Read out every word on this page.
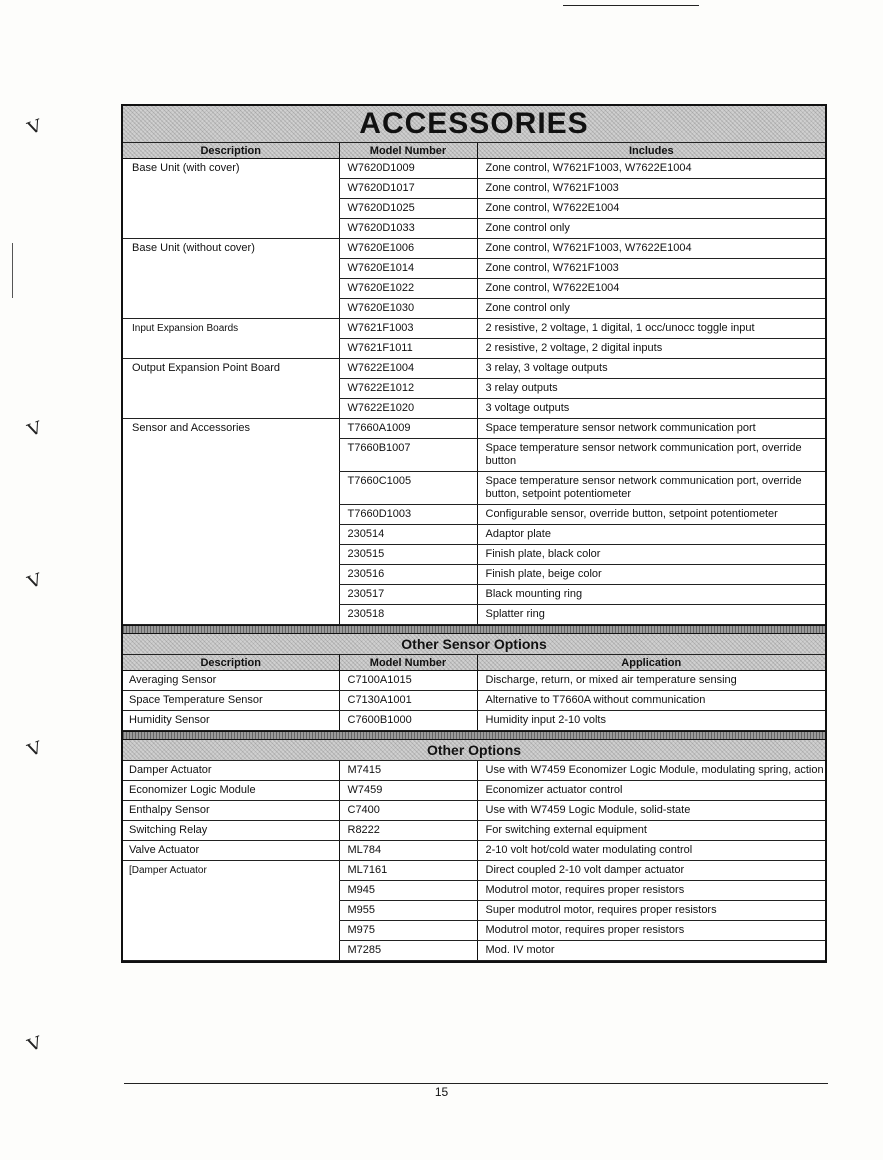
ⱽ
ⱽ
ⱽ
ⱽ
ⱽ
ACCESSORIES
Description	Model Number	Includes
Base Unit (with cover)	W7620D1009	Zone control, W7621F1003, W7622E1004
	W7620D1017	Zone control, W7621F1003
	W7620D1025	Zone control, W7622E1004
	W7620D1033	Zone control only
Base Unit (without cover)	W7620E1006	Zone control, W7621F1003, W7622E1004
	W7620E1014	Zone control, W7621F1003
	W7620E1022	Zone control, W7622E1004
	W7620E1030	Zone control only
Input Expansion Boards	W7621F1003	2 resistive, 2 voltage, 1 digital, 1 occ/unocc toggle input
	W7621F1011	2 resistive, 2 voltage, 2 digital inputs
Output Expansion Point Board	W7622E1004	3 relay, 3 voltage outputs
	W7622E1012	3 relay outputs
	W7622E1020	3 voltage outputs
Sensor and Accessories	T7660A1009	Space temperature sensor network communication port
	T7660B1007	Space temperature sensor network communication port, override button
	T7660C1005	Space temperature sensor network communication port, override button, setpoint potentiometer
	T7660D1003	Configurable sensor, override button, setpoint potentiometer
	230514	Adaptor plate
	230515	Finish plate, black color
	230516	Finish plate, beige color
	230517	Black mounting ring
	230518	Splatter ring
Other Sensor Options
Description	Model Number	Application
Averaging Sensor	C7100A1015	Discharge, return, or mixed air temperature sensing
Space Temperature Sensor	C7130A1001	Alternative to T7660A without communication
Humidity Sensor	C7600B1000	Humidity input 2-10 volts
Other Options
Damper Actuator	M7415	Use with W7459 Economizer Logic Module, modulating spring, action
Economizer Logic Module	W7459	Economizer actuator control
Enthalpy Sensor	C7400	Use with W7459 Logic Module, solid-state
Switching Relay	R8222	For switching external equipment
Valve Actuator	ML784	2-10 volt hot/cold water modulating control
[Damper Actuator	ML7161	Direct coupled 2-10 volt damper actuator
	M945	Modutrol motor, requires proper resistors
	M955	Super modutrol motor, requires proper resistors
	M975	Modutrol motor, requires proper resistors
	M7285	Mod. IV motor
15
